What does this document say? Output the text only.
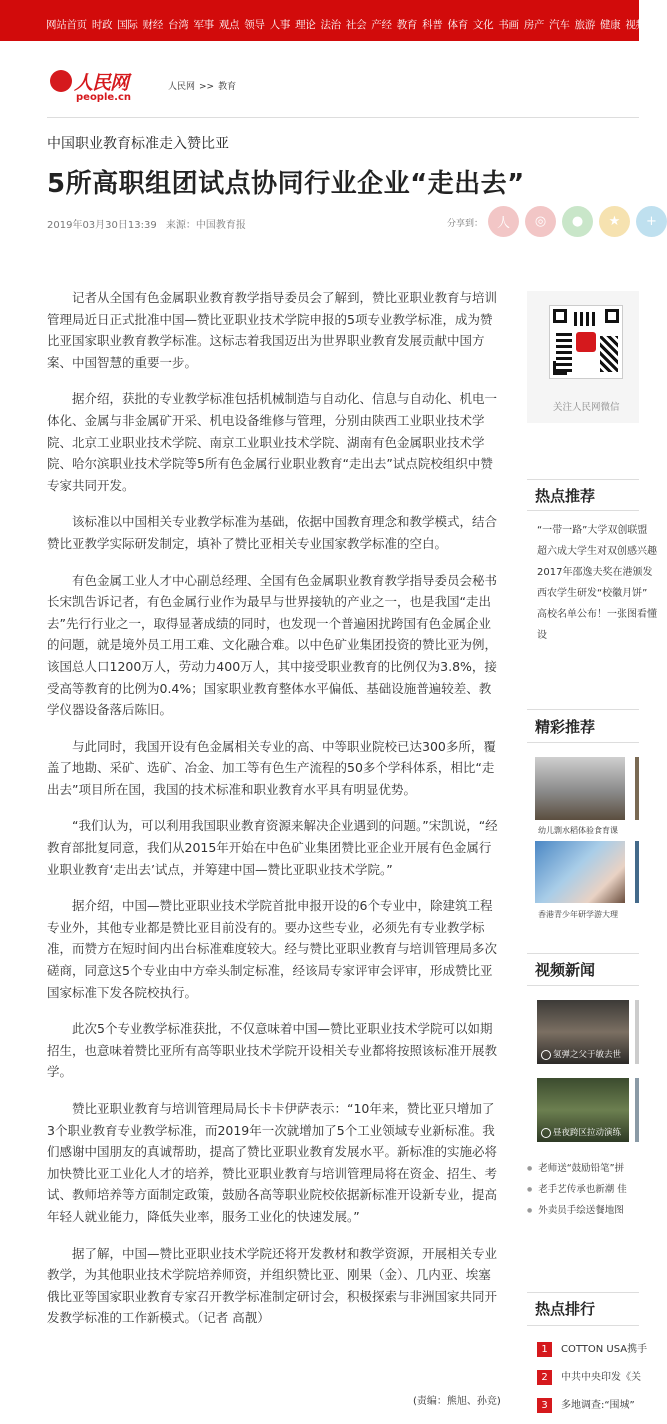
网站首页 时政 国际 财经 台湾 军事 观点 领导 人事 理论 法治 社会 产经 教育 科普 体育 文化 书画 房产 汽车 旅游 健康 视频
人民网
people.cn
人民网 >> 教育
中国职业教育标准走入赞比亚
5所高职组团试点协同行业企业“走出去”
2019年03月30日13:39 来源：中国教育报	分享到：	人	◎	●	★	+

记者从全国有色金属职业教育教学指导委员会了解到，赞比亚职业教育与培训管理局近日正式批准中国—赞比亚职业技术学院申报的5项专业教学标准，成为赞比亚国家职业教育教学标准。这标志着我国迈出为世界职业教育发展贡献中国方案、中国智慧的重要一步。

据介绍，获批的专业教学标准包括机械制造与自动化、信息与自动化、机电一体化、金属与非金属矿开采、机电设备维修与管理，分别由陕西工业职业技术学院、北京工业职业技术学院、南京工业职业技术学院、湖南有色金属职业技术学院、哈尔滨职业技术学院等5所有色金属行业职业教育“走出去”试点院校组织中赞专家共同开发。

该标准以中国相关专业教学标准为基础，依据中国教育理念和教学模式，结合赞比亚教学实际研发制定，填补了赞比亚相关专业国家教学标准的空白。

有色金属工业人才中心副总经理、全国有色金属职业教育教学指导委员会秘书长宋凯告诉记者，有色金属行业作为最早与世界接轨的产业之一，也是我国“走出去”先行行业之一，取得显著成绩的同时，也发现一个普遍困扰跨国有色金属企业的问题，就是境外员工用工难、文化融合难。以中色矿业集团投资的赞比亚为例，该国总人口1200万人，劳动力400万人，其中接受职业教育的比例仅为3.8%，接受高等教育的比例为0.4%；国家职业教育整体水平偏低、基础设施普遍较差、教学仪器设备落后陈旧。

与此同时，我国开设有色金属相关专业的高、中等职业院校已达300多所，覆盖了地勘、采矿、选矿、冶金、加工等有色生产流程的50多个学科体系，相比“走出去”项目所在国，我国的技术标准和职业教育水平具有明显优势。

“我们认为，可以利用我国职业教育资源来解决企业遇到的问题。”宋凯说，“经教育部批复同意，我们从2015年开始在中色矿业集团赞比亚企业开展有色金属行业职业教育‘走出去’试点，并筹建中国—赞比亚职业技术学院。”

据介绍，中国—赞比亚职业技术学院首批申报开设的6个专业中，除建筑工程专业外，其他专业都是赞比亚目前没有的。要办这些专业，必须先有专业教学标准，而赞方在短时间内出台标准难度较大。经与赞比亚职业教育与培训管理局多次磋商，同意这5个专业由中方牵头制定标准，经该局专家评审会评审，形成赞比亚国家标准下发各院校执行。

此次5个专业教学标准获批，不仅意味着中国—赞比亚职业技术学院可以如期招生，也意味着赞比亚所有高等职业技术学院开设相关专业都将按照该标准开展教学。

赞比亚职业教育与培训管理局局长卡卡伊萨表示：“10年来，赞比亚只增加了3个职业教育专业教学标准，而2019年一次就增加了5个工业领域专业新标准。我们感谢中国朋友的真诚帮助，提高了赞比亚职业教育发展水平。新标准的实施必将加快赞比亚工业化人才的培养，赞比亚职业教育与培训管理局将在资金、招生、考试、教师培养等方面制定政策，鼓励各高等职业院校依据新标准开设新专业，提高年轻人就业能力，降低失业率，服务工业化的快速发展。”

据了解，中国—赞比亚职业技术学院还将开发教材和教学资源，开展相关专业教学，为其他职业技术学院培养师资，并组织赞比亚、刚果（金）、几内亚、埃塞俄比亚等国家职业教育专家召开教学标准制定研讨会，积极探索与非洲国家共同开发教学标准的工作新模式。（记者 高靓）

(责编：熊旭、孙竞)
关注人民网微信
热点推荐
“一带一路”大学双创联盟
超六成大学生对双创感兴趣
2017年邵逸夫奖在港颁发
西农学生研发“校徽月饼”
高校名单公布！一张图看懂
设
精彩推荐
幼儿剽水稻体验食育课
香港青少年研学游大理
视频新闻
氢弹之父于敏去世
昼夜跨区拉动演练
● 老师送“鼓励铅笔”拼
● 老手艺传承也新潮 佳
● 外卖员手绘送餐地图
热点排行
1 COTTON USA携手
2 中共中央印发《关
3 多地调查:“围城”
